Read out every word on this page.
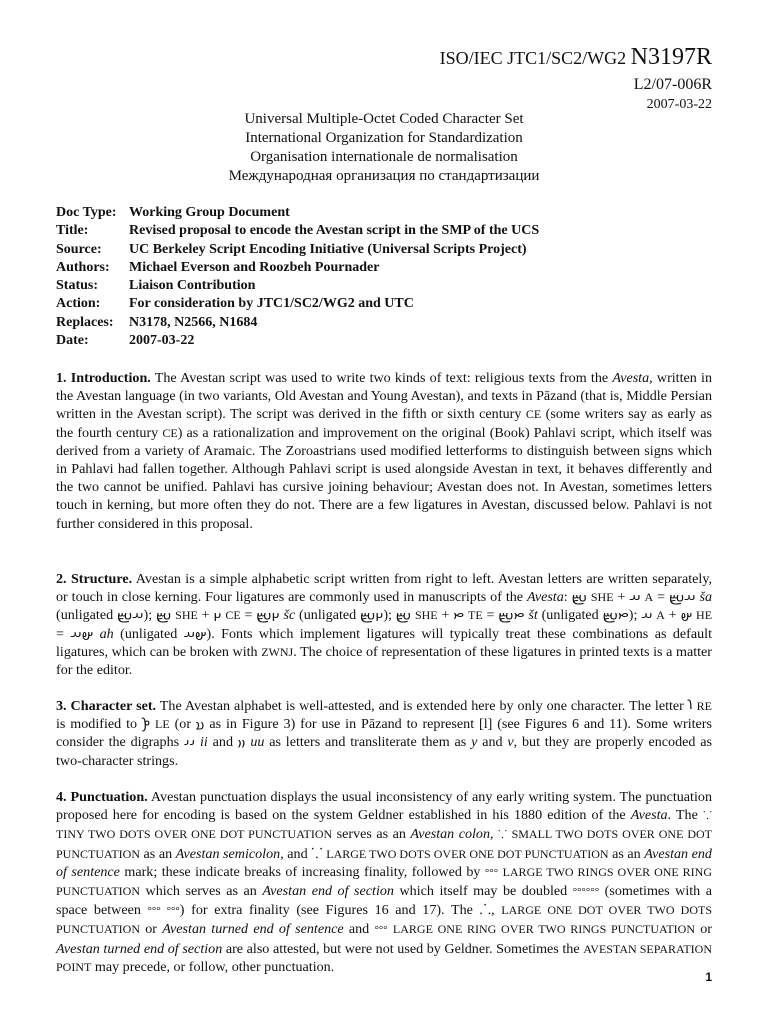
ISO/IEC JTC1/SC2/WG2 N3197R
L2/07-006R
2007-03-22
Universal Multiple-Octet Coded Character Set
International Organization for Standardization
Organisation internationale de normalisation
Международная организация по стандартизации
Doc Type: Working Group Document
Title:	Revised proposal to encode the Avestan script in the SMP of the UCS
Source:	UC Berkeley Script Encoding Initiative (Universal Scripts Project)
Authors:	Michael Everson and Roozbeh Pournader
Status:	Liaison Contribution
Action:	For consideration by JTC1/SC2/WG2 and UTC
Replaces:	N3178, N2566, N1684
Date:	2007-03-22
1. Introduction. The Avestan script was used to write two kinds of text: religious texts from the Avesta, written in the Avestan language (in two variants, Old Avestan and Young Avestan), and texts in Pāzand (that is, Middle Persian written in the Avestan script). The script was derived in the fifth or sixth century CE (some writers say as early as the fourth century CE) as a rationalization and improvement on the original (Book) Pahlavi script, which itself was derived from a variety of Aramaic. The Zoroastrians used modified letterforms to distinguish between signs which in Pahlavi had fallen together. Although Pahlavi script is used alongside Avestan in text, it behaves differently and the two cannot be unified. Pahlavi has cursive joining behaviour; Avestan does not. In Avestan, sometimes letters touch in kerning, but more often they do not. There are a few ligatures in Avestan, discussed below. Pahlavi is not further considered in this proposal.
2. Structure. Avestan is a simple alphabetic script written from right to left. Avestan letters are written separately, or touch in close kerning. Four ligatures are commonly used in manuscripts of the Avesta: 𐬴 SHE + 𐬀 A = 𐬀𐬴 ša (unligated 𐬀𐬴); 𐬴 SHE + 𐬗 CE = 𐬗𐬴 šc (unligated 𐬗𐬴); 𐬴 SHE + 𐬙 TE = 𐬙𐬴 št (unligated 𐬙𐬴); 𐬀 A + 𐬵 HE = 𐬵𐬀 ah (unligated 𐬵𐬀). Fonts which implement ligatures will typically treat these combinations as default ligatures, which can be broken with ZWNJ. The choice of representation of these ligatures in printed texts is a matter for the editor.
3. Character set. The Avestan alphabet is well-attested, and is extended here by only one character. The letter 𐬭 RE is modified to 𐬮 LE (or 𐬯 as in Figure 3) for use in Pāzand to represent [l] (see Figures 6 and 11). Some writers consider the digraphs 𐬌𐬌 ii and 𐬎𐬎 uu as letters and transliterate them as y and v, but they are properly encoded as two-character strings.
4. Punctuation. Avestan punctuation displays the usual inconsistency of any early writing system. The punctuation proposed here for encoding is based on the system Geldner established in his 1880 edition of the Avesta. The ⸪ TINY TWO DOTS OVER ONE DOT PUNCTUATION serves as an Avestan colon, ⸪ SMALL TWO DOTS OVER ONE DOT PUNCTUATION as an Avestan semicolon, and ⸪ LARGE TWO DOTS OVER ONE DOT PUNCTUATION as an Avestan end of sentence mark; these indicate breaks of increasing finality, followed by °°° LARGE TWO RINGS OVER ONE RING PUNCTUATION which serves as an Avestan end of section which itself may be doubled °°°°°° (sometimes with a space between °°° °°°) for extra finality (see Figures 16 and 17). The ⸫, LARGE ONE DOT OVER TWO DOTS PUNCTUATION or Avestan turned end of sentence and °°° LARGE ONE RING OVER TWO RINGS PUNCTUATION or Avestan turned end of section are also attested, but were not used by Geldner. Sometimes the AVESTAN SEPARATION POINT may precede, or follow, other punctuation.
1
